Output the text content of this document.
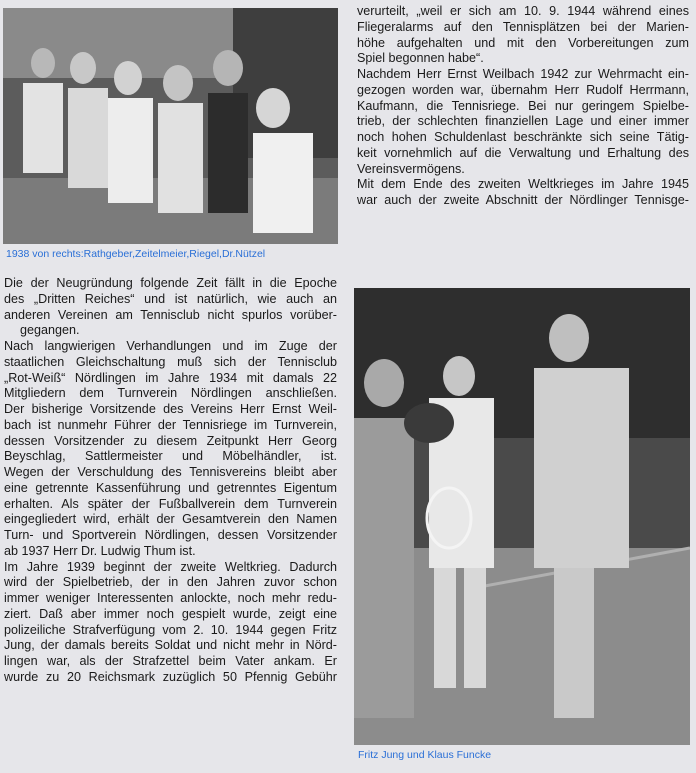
1938 von rechts:Rathgeber,Zeitelmeier,Riegel,Dr.Nützel

verurteilt, „weil er sich am 10. 9. 1944 während eines
Fliegeralarms auf den Tennisplätzen bei der Marien-
höhe aufgehalten und mit den Vorbereitungen zum
Spiel begonnen habe“.

Nachdem Herr Ernst Weilbach 1942 zur Wehrmacht ein-
gezogen worden war, übernahm Herr Rudolf Herrmann,
Kaufmann, die Tennisriege. Bei nur geringem Spielbe-
trieb, der schlechten finanziellen Lage und einer immer
noch hohen Schuldenlast beschränkte sich seine Tätig-
keit vornehmlich auf die Verwaltung und Erhaltung des
Vereinsvermögens.

Mit dem Ende des zweiten Weltkrieges im Jahre 1945
war auch der zweite Abschnitt der Nördlinger Tennisge-

Die der Neugründung folgende Zeit fällt in die Epoche
des „Dritten Reiches“ und ist natürlich, wie auch an
anderen Vereinen am Tennisclub nicht spurlos vorüber-
gegangen.

Nach langwierigen Verhandlungen und im Zuge der
staatlichen Gleichschaltung muß sich der Tennisclub
„Rot-Weiß“ Nördlingen im Jahre 1934 mit damals 22
Mitgliedern dem Turnverein Nördlingen anschließen.
Der bisherige Vorsitzende des Vereins Herr Ernst Weil-
bach ist nunmehr Führer der Tennisriege im Turnverein,
dessen Vorsitzender zu diesem Zeitpunkt Herr Georg
Beyschlag, Sattlermeister und Möbelhändler, ist.
Wegen der Verschuldung des Tennisvereins bleibt aber
eine getrennte Kassenführung und getrenntes Eigentum
erhalten. Als später der Fußballverein dem Turnverein
eingegliedert wird, erhält der Gesamtverein den Namen
Turn- und Sportverein Nördlingen, dessen Vorsitzender
ab 1937 Herr Dr. Ludwig Thum ist.

Im Jahre 1939 beginnt der zweite Weltkrieg. Dadurch
wird der Spielbetrieb, der in den Jahren zuvor schon
immer weniger Interessenten anlockte, noch mehr redu-
ziert. Daß aber immer noch gespielt wurde, zeigt eine
polizeiliche Strafverfügung vom 2. 10. 1944 gegen Fritz
Jung, der damals bereits Soldat und nicht mehr in Nörd-
lingen war, als der Strafzettel beim Vater ankam. Er
wurde zu 20 Reichsmark zuzüglich 50 Pfennig Gebühr

Fritz Jung und Klaus Funcke
